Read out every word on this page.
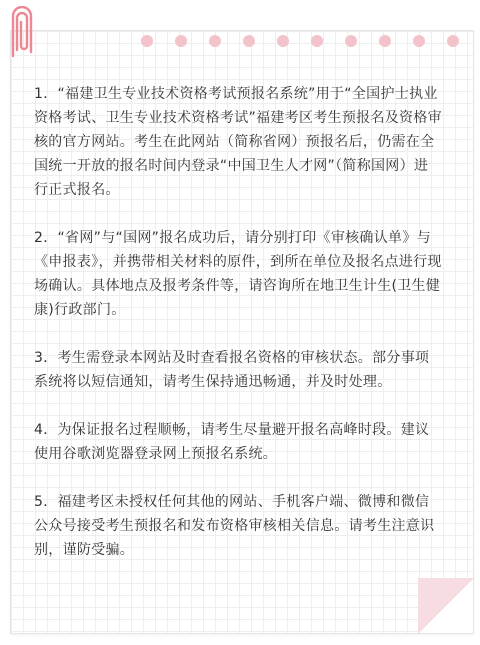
1．“福建卫生专业技术资格考试预报名系统”用于“全国护士执业资格考试、卫生专业技术资格考试”福建考区考生预报名及资格审核的官方网站。考生在此网站（简称省网）预报名后，仍需在全国统一开放的报名时间内登录“中国卫生人才网”（简称国网）进行正式报名。

2．“省网”与“国网”报名成功后，请分别打印《审核确认单》与《申报表》，并携带相关材料的原件，到所在单位及报名点进行现场确认。具体地点及报考条件等，请咨询所在地卫生计生(卫生健康)行政部门。

3．考生需登录本网站及时查看报名资格的审核状态。部分事项系统将以短信通知，请考生保持通迅畅通，并及时处理。

4．为保证报名过程顺畅，请考生尽量避开报名高峰时段。建议使用谷歌浏览器登录网上预报名系统。

5．福建考区未授权任何其他的网站、手机客户端、微博和微信公众号接受考生预报名和发布资格审核相关信息。请考生注意识别，谨防受骗。
